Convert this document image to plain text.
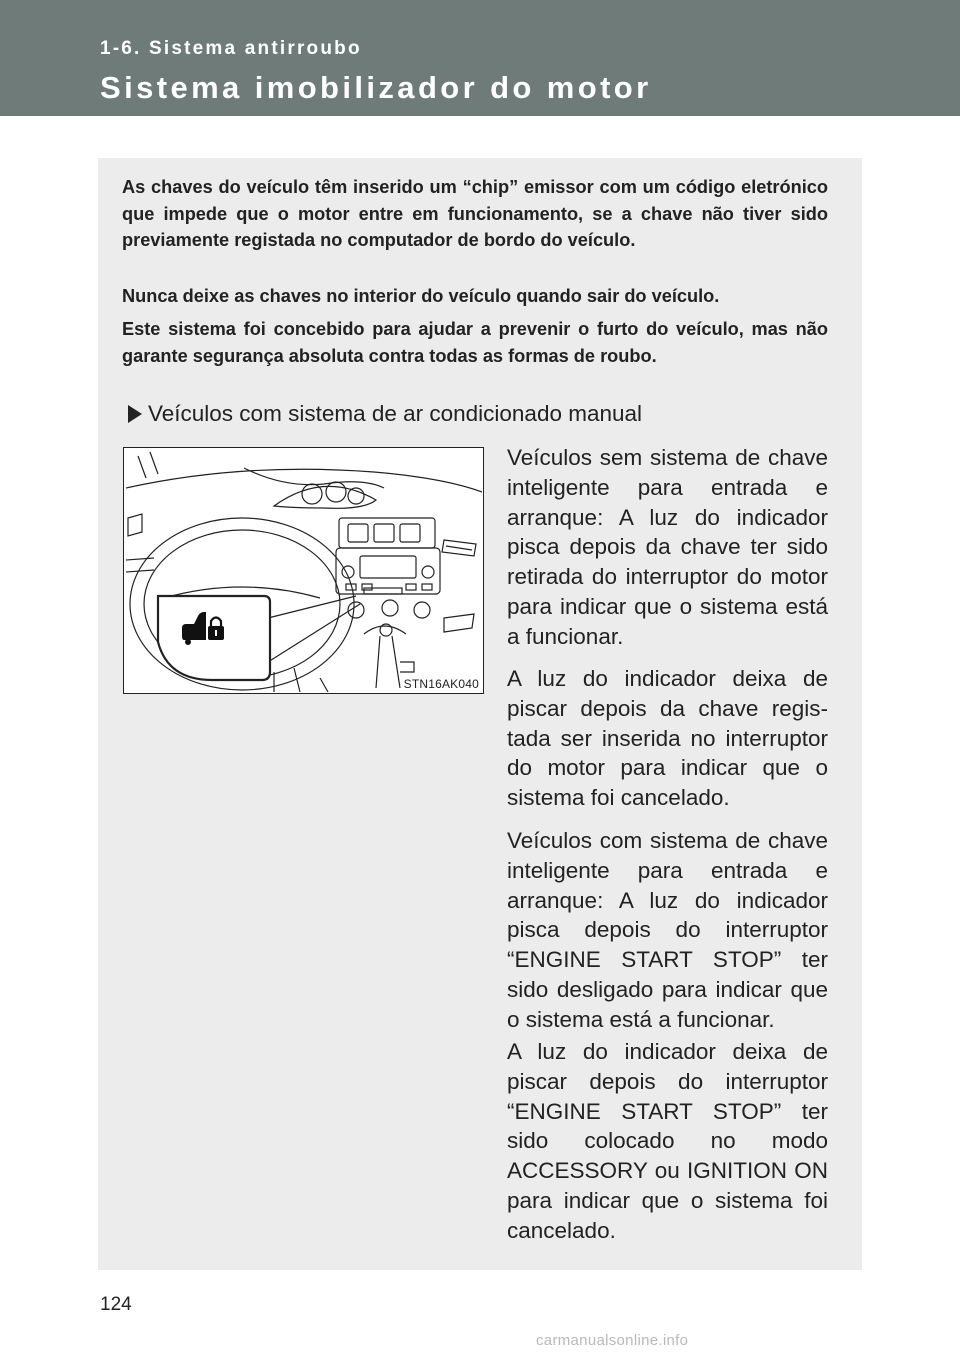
1-6. Sistema antirroubo
Sistema imobilizador do motor

As chaves do veículo têm inserido um “chip” emissor com um código eletrónico que impede que o motor entre em funcionamento, se a chave não tiver sido previamente registada no computador de bordo do veículo.

Nunca deixe as chaves no interior do veículo quando sair do veículo.

Este sistema foi concebido para ajudar a prevenir o furto do veículo, mas não garante segurança absoluta contra todas as formas de roubo.

Veículos com sistema de ar condicionado manual
STN16AK040

Veículos sem sistema de chave inteligente para entrada e arranque: A luz do indicador pisca depois da chave ter sido retirada do interruptor do motor para indicar que o sistema está a funcionar.

A luz do indicador deixa de piscar depois da chave regis-tada ser inserida no interruptor do motor para indicar que o sistema foi cancelado.

Veículos com sistema de chave inteligente para entrada e arranque: A luz do indicador pisca depois do interruptor “ENGINE START STOP” ter sido desligado para indicar que o sistema está a funcionar.

A luz do indicador deixa de piscar depois do interruptor “ENGINE START STOP” ter sido colocado no modo ACCESSORY ou IGNITION ON para indicar que o sistema foi cancelado.

124
carmanualsonline.info
